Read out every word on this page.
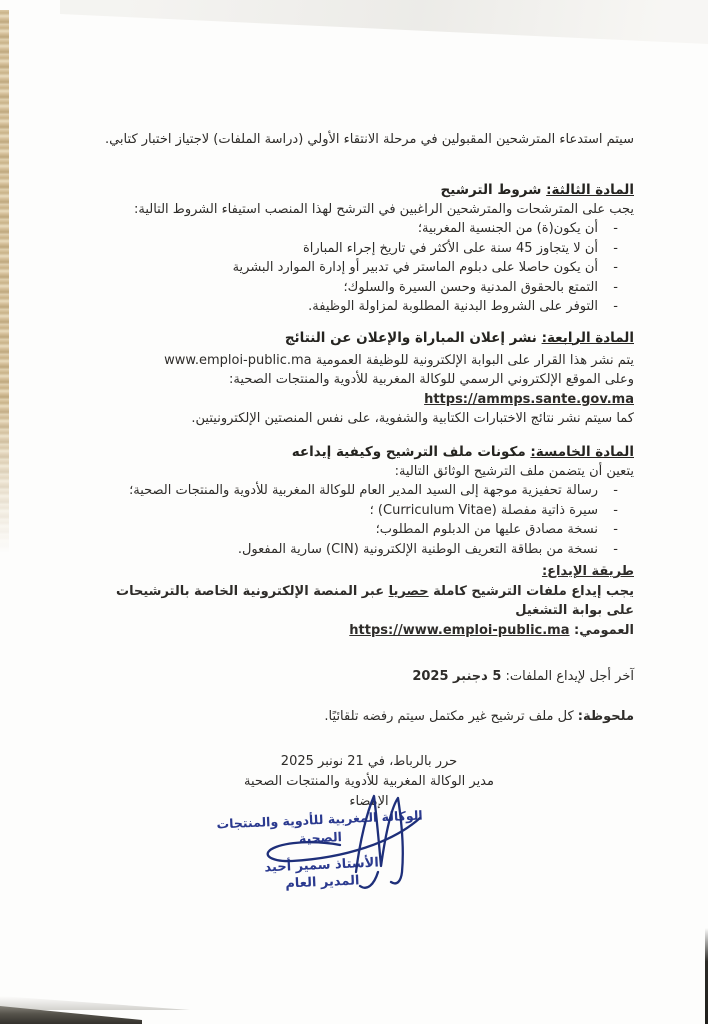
سيتم استدعاء المترشحين المقبولين في مرحلة الانتقاء الأولي (دراسة الملفات) لاجتياز اختبار كتابي.

المادة الثالثة: شروط الترشيح

يجب على المترشحات والمترشحين الراغبين في الترشح لهذا المنصب استيفاء الشروط التالية:

- أن يكون(ة) من الجنسية المغربية؛
- أن لا يتجاوز 45 سنة على الأكثر في تاريخ إجراء المباراة
- أن يكون حاصلا على دبلوم الماستر في تدبير أو إدارة الموارد البشرية
- التمتع بالحقوق المدنية وحسن السيرة والسلوك؛
- التوفر على الشروط البدنية المطلوبة لمزاولة الوظيفة.
المادة الرابعة: نشر إعلان المباراة والإعلان عن النتائج

يتم نشر هذا القرار على البوابة الإلكترونية للوظيفة العمومية www.emploi-public.ma

وعلى الموقع الإلكتروني الرسمي للوكالة المغربية للأدوية والمنتجات الصحية:

https://ammps.sante.gov.ma

كما سيتم نشر نتائج الاختبارات الكتابية والشفوية، على نفس المنصتين الإلكترونيتين.

المادة الخامسة: مكونات ملف الترشيح وكيفية إيداعه

يتعين أن يتضمن ملف الترشيح الوثائق التالية:

- رسالة تحفيزية موجهة إلى السيد المدير العام للوكالة المغربية للأدوية والمنتجات الصحية؛
- سيرة ذاتية مفصلة (Curriculum Vitae) ؛
- نسخة مصادق عليها من الدبلوم المطلوب؛
- نسخة من بطاقة التعريف الوطنية الإلكترونية (CIN) سارية المفعول.

طريقة الإيداع:

يجب إيداع ملفات الترشيح كاملة حصريا عبر المنصة الإلكترونية الخاصة بالترشيحات على بوابة التشغيل

العمومي: https://www.emploi-public.ma

آخر أجل لإيداع الملفات: 5 دجنبر 2025

ملحوظة: كل ملف ترشيح غير مكتمل سيتم رفضه تلقائيًا.

حرر بالرباط، في 21 نونبر 2025

مدير الوكالة المغربية للأدوية والمنتجات الصحية

الإمضاء

الوكالة المغربية للأدوية والمنتجات
الصحية
الأستاذ سمير أحيد
المدير العام
